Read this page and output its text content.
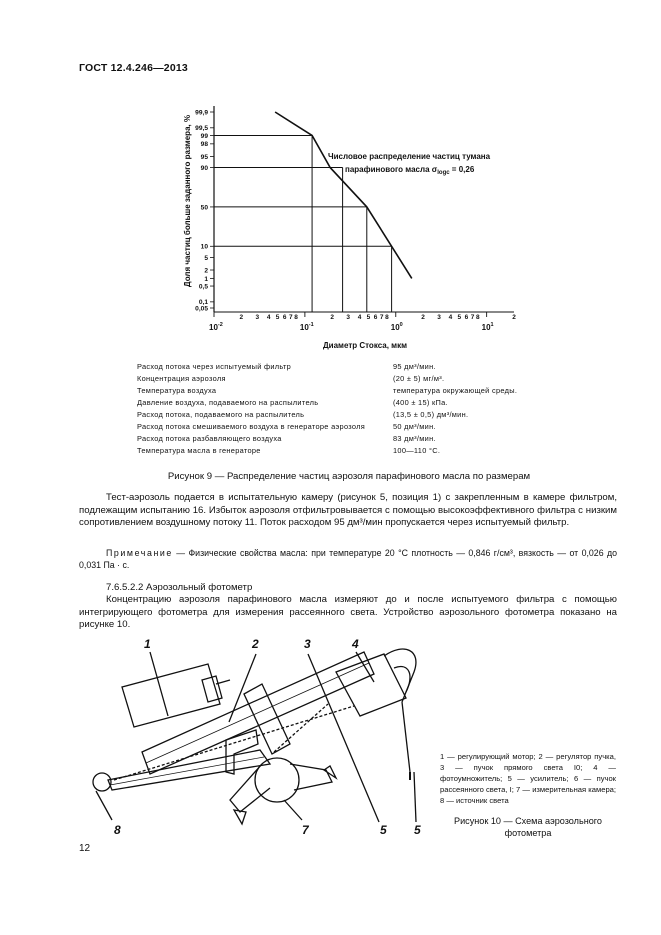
ГОСТ 12.4.246—2013
Доля частиц больше заданного размера, %
99,9
99,5
99
98
95
90
50
10
5
2
1
0,5
0,1
0,05
$10^{-2}$
2 3 4 5 6 7 8
$10^{-1}$
2 3 4 5 6 7 8
$10^0$
2 3 4 5 6 7 8
$10^1$
2
Числовое распределение частиц тумана
парафинового масла $\sigma_{logc} = 0,26$
Диаметр Стокса, мкм
Расход потока через испытуемый фильтр	95 дм³/мин.
Концентрация аэрозоля	(20 ± 5) мг/м³.
Температура воздуха	температура окружающей среды.
Давление воздуха, подаваемого на распылитель	(400 ± 15) кПа.
Расход потока, подаваемого на распылитель	(13,5 ± 0,5) дм³/мин.
Расход потока смешиваемого воздуха в генераторе аэрозоля	50 дм³/мин.
Расход потока разбавляющего воздуха	83 дм³/мин.
Температура масла в генераторе	100—110 °С.
Рисунок 9 — Распределение частиц аэрозоля парафинового масла по размерам
Тест-аэрозоль подается в испытательную камеру (рисунок 5, позиция 1) с закрепленным в камере фильтром, подлежащим испытанию 16. Избыток аэрозоля отфильтровывается с помощью высокоэффективного фильтра с низким сопротивлением воздушному потоку 11. Поток расходом 95 дм³/мин пропускается через испытуемый фильтр.
Примечание — Физические свойства масла: при температуре 20 °С плотность — 0,846 г/см³, вязкость — от 0,026 до 0,031 Па · с.
7.6.5.2.2 Аэрозольный фотометр
Концентрацию аэрозоля парафинового масла измеряют до и после испытуемого фильтра с помощью интегрирующего фотометра для измерения рассеянного света. Устройство аэрозольного фотометра показано на рисунке 10.
1	2	3	4
5 5
7
8
1 — регулирующий мотор; 2 — регулятор пучка, 3 — пучок прямого света I0; 4 — фотоумножитель; 5 — усилитель; 6 — пучок рассеянного света, I; 7 — измерительная камера; 8 — источник света
Рисунок 10 — Схема аэрозольного фотометра
12
